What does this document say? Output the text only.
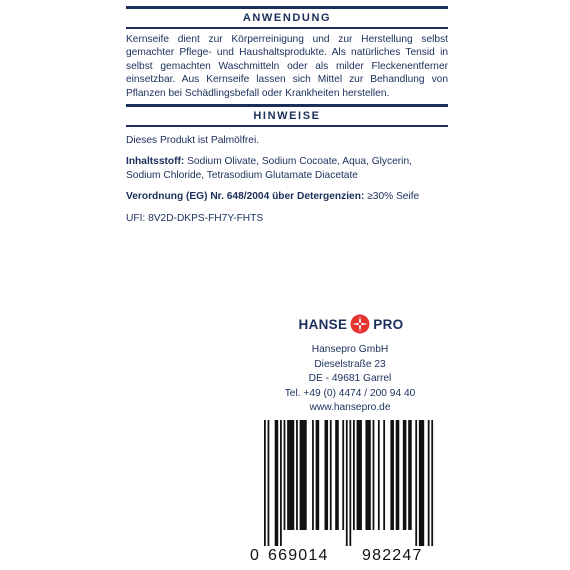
ANWENDUNG
Kernseife dient zur Körperreinigung und zur Herstellung selbst gemachter Pflege- und Haushaltsprodukte. Als natürliches Tensid in selbst gemachten Waschmitteln oder als milder Fleckenentferner einsetzbar. Aus Kernseife lassen sich Mittel zur Behandlung von Pflanzen bei Schädlingsbefall oder Krankheiten herstellen.
HINWEISE
Dieses Produkt ist Palmölfrei.
Inhaltsstoff: Sodium Olivate, Sodium Cocoate, Aqua, Glycerin, Sodium Chloride, Tetrasodium Glutamate Diacetate
Verordnung (EG) Nr. 648/2004 über Detergenzien: ≥30% Seife
UFI: 8V2D-DKPS-FH7Y-FHTS
HANSE PRO
Hansepro GmbH
Dieselstraße 23
DE - 49681 Garrel
Tel. +49 (0) 4474 / 200 94 40
www.hansepro.de
0 669014 982247
